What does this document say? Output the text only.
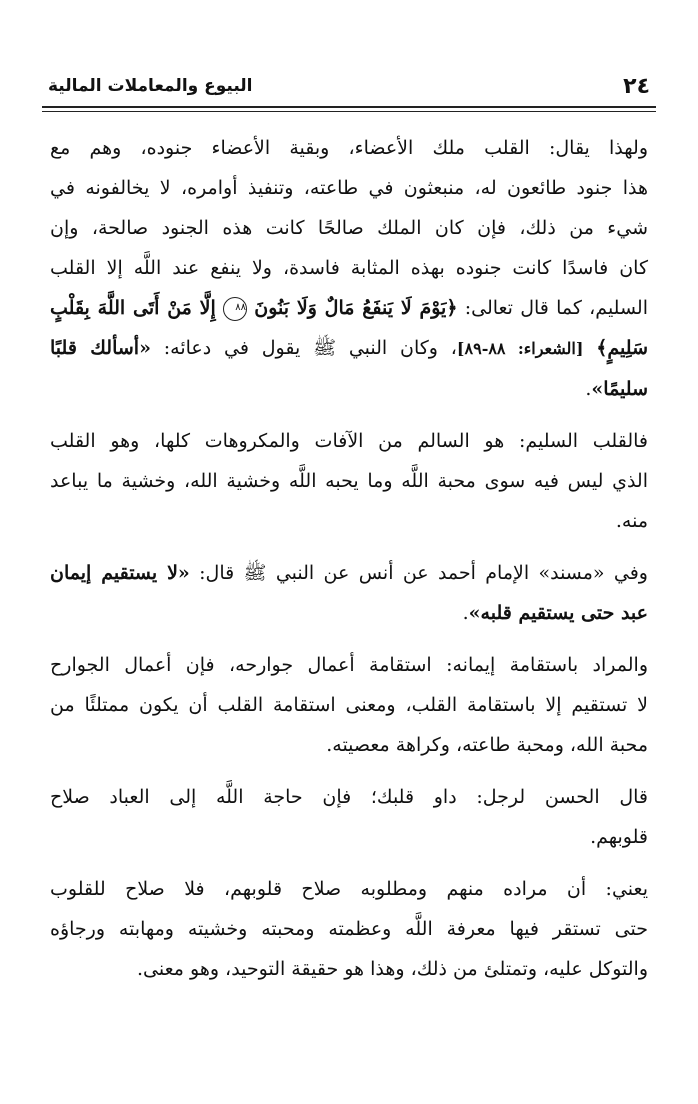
٢٤
البيوع والمعاملات المالية
ولهذا يقال: القلب ملك الأعضاء، وبقية الأعضاء جنوده، وهم مع
هذا جنود طائعون له، منبعثون في طاعته، وتنفيذ أوامره، لا يخالفونه في
شيء من ذلك، فإن كان الملك صالحًا كانت هذه الجنود صالحة، وإن
كان فاسدًا كانت جنوده بهذه المثابة فاسدة، ولا ينفع عند اللَّه إلا القلب
السليم، كما قال تعالى: ﴿يَوْمَ لَا يَنفَعُ مَالٌ وَلَا بَنُونَ ٨٨ إِلَّا مَنْ أَتَى اللَّهَ بِقَلْبٍ
سَلِيمٍ﴾ [الشعراء: ٨٨-٨٩]، وكان النبي ﷺ يقول في دعائه: «أسألك قلبًا
سليمًا».
فالقلب السليم: هو السالم من الآفات والمكروهات كلها، وهو القلب
الذي ليس فيه سوى محبة اللَّه وما يحبه اللَّه وخشية الله، وخشية ما يباعد
منه.
وفي «مسند» الإمام أحمد عن أنس عن النبي ﷺ قال: «لا يستقيم إيمان
عبد حتى يستقيم قلبه».
والمراد باستقامة إيمانه: استقامة أعمال جوارحه، فإن أعمال الجوارح
لا تستقيم إلا باستقامة القلب، ومعنى استقامة القلب أن يكون ممتلئًا من
محبة الله، ومحبة طاعته، وكراهة معصيته.
قال الحسن لرجل: داو قلبك؛ فإن حاجة اللَّه إلى العباد صلاح
قلوبهم.
يعني: أن مراده منهم ومطلوبه صلاح قلوبهم، فلا صلاح للقلوب
حتى تستقر فيها معرفة اللَّه وعظمته ومحبته وخشيته ومهابته ورجاؤه
والتوكل عليه، وتمتلئ من ذلك، وهذا هو حقيقة التوحيد، وهو معنى.
